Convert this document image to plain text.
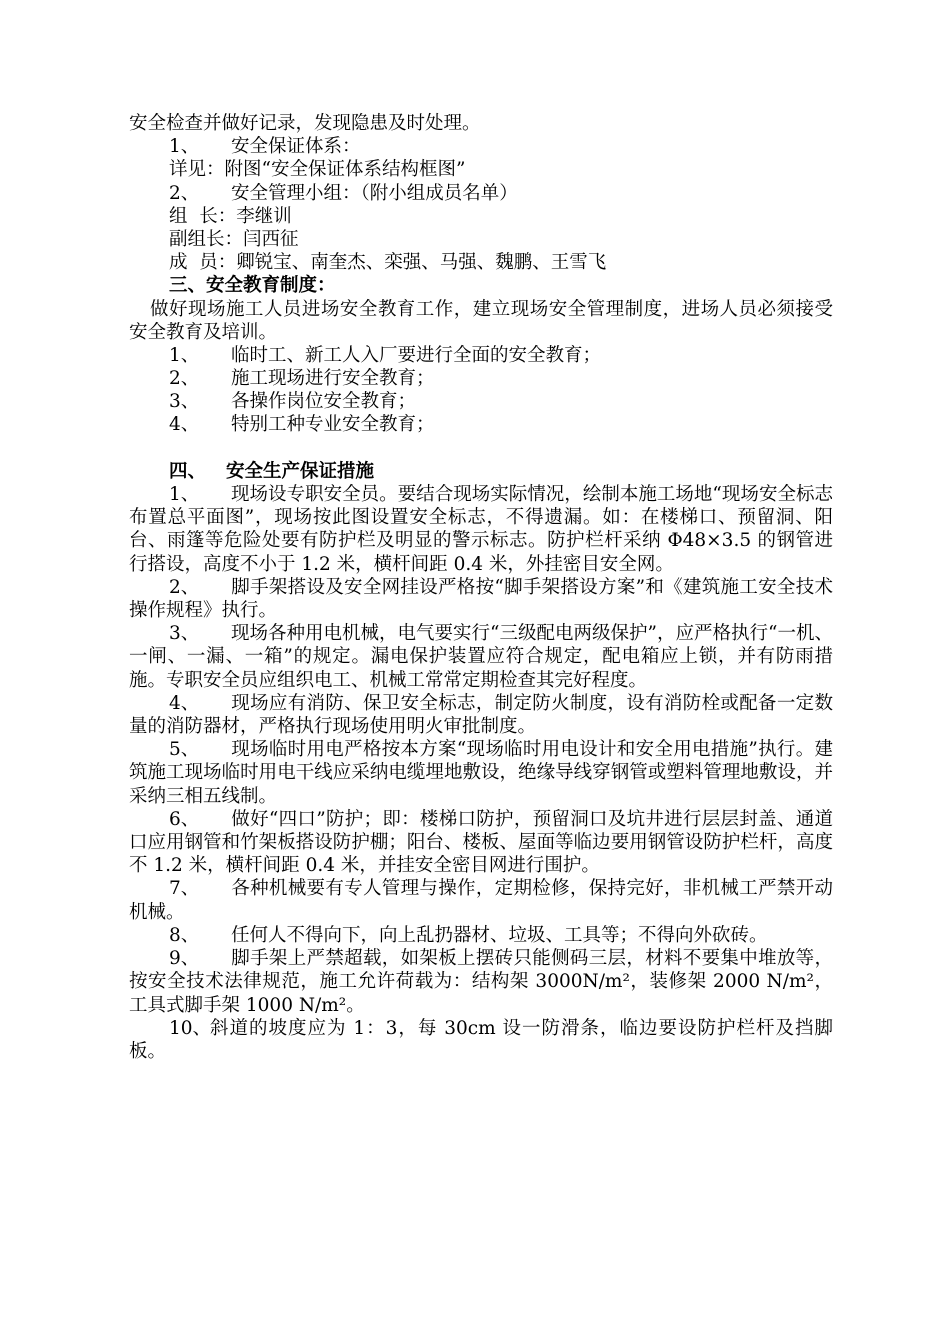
安全检查并做好记录，发现隐患及时处理。
1、 安全保证体系：
详见：附图“安全保证体系结构框图”
2、 安全管理小组：（附小组成员名单）
组  长：李继训
副组长：闫西征
成  员：卿锐宝、南奎杰、栾强、马强、魏鹏、王雪飞
三、安全教育制度：
做好现场施工人员进场安全教育工作，建立现场安全管理制度，进场人员必须接受安全教育及培训。
1、 临时工、新工人入厂要进行全面的安全教育；
2、 施工现场进行安全教育；
3、 各操作岗位安全教育；
4、 特别工种专业安全教育；
四、 安全生产保证措施
1、 现场设专职安全员。要结合现场实际情况，绘制本施工场地“现场安全标志布置总平面图”，现场按此图设置安全标志，不得遗漏。如：在楼梯口、预留洞、阳台、雨篷等危险处要有防护栏及明显的警示标志。防护栏杆采纳 Φ48×3.5 的钢管进行搭设，高度不小于 1.2 米，横杆间距 0.4 米，外挂密目安全网。
2、 脚手架搭设及安全网挂设严格按“脚手架搭设方案”和《建筑施工安全技术操作规程》执行。
3、 现场各种用电机械，电气要实行“三级配电两级保护”，应严格执行“一机、一闸、一漏、一箱”的规定。漏电保护装置应符合规定，配电箱应上锁，并有防雨措施。专职安全员应组织电工、机械工常常定期检查其完好程度。
4、 现场应有消防、保卫安全标志，制定防火制度，设有消防栓或配备一定数量的消防器材，严格执行现场使用明火审批制度。
5、 现场临时用电严格按本方案“现场临时用电设计和安全用电措施”执行。建筑施工现场临时用电干线应采纳电缆埋地敷设，绝缘导线穿钢管或塑料管理地敷设，并采纳三相五线制。
6、 做好“四口”防护；即：楼梯口防护，预留洞口及坑井进行层层封盖、通道口应用钢管和竹架板搭设防护棚；阳台、楼板、屋面等临边要用钢管设防护栏杆，高度不 1.2 米，横杆间距 0.4 米，并挂安全密目网进行围护。
7、 各种机械要有专人管理与操作，定期检修，保持完好，非机械工严禁开动机械。
8、 任何人不得向下，向上乱扔器材、垃圾、工具等；不得向外砍砖。
9、 脚手架上严禁超载，如架板上摆砖只能侧码三层，材料不要集中堆放等，按安全技术法律规范，施工允许荷载为：结构架 3000N/m²，装修架 2000 N/m²，工具式脚手架 1000 N/m²。
10、斜道的坡度应为 1：3，每 30cm 设一防滑条，临边要设防护栏杆及挡脚板。
